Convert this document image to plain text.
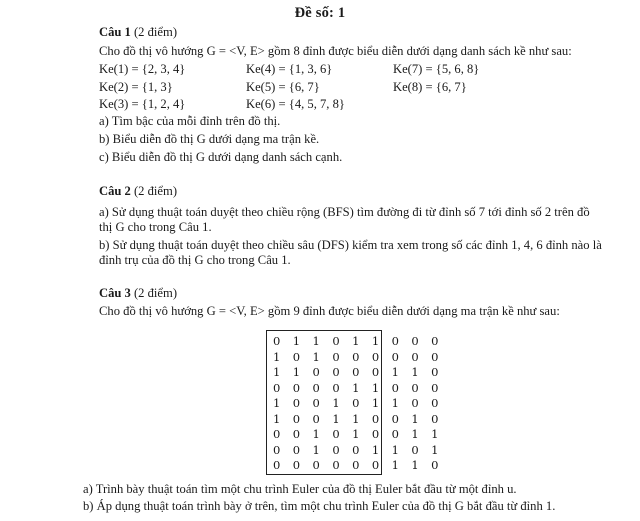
Đề số: 1
Câu 1 (2 điểm)
Cho đồ thị vô hướng G = <V, E> gồm 8 đỉnh được biểu diễn dưới dạng danh sách kề như sau:
Ke(1) = {2, 3, 4}
Ke(2) = {1, 3}
Ke(3) = {1, 2, 4}
Ke(4) = {1, 3, 6}
Ke(5) = {6, 7}
Ke(6) = {4, 5, 7, 8}
Ke(7) = {5, 6, 8}
Ke(8) = {6, 7}
a) Tìm bậc của mỗi đỉnh trên đồ thị.
b) Biểu diễn đồ thị G dưới dạng ma trận kề.
c) Biểu diễn đồ thị G dưới dạng danh sách cạnh.
Câu 2 (2 điểm)
a) Sử dụng thuật toán duyệt theo chiều rộng (BFS) tìm đường đi từ đỉnh số 7 tới đỉnh số 2 trên đồ
thị G cho trong Câu 1.
b) Sử dụng thuật toán duyệt theo chiều sâu (DFS) kiểm tra xem trong số các đỉnh 1, 4, 6 đỉnh nào là
đỉnh trụ của đồ thị G cho trong Câu 1.
Câu 3 (2 điểm)
Cho đồ thị vô hướng G = <V, E> gồm 9 đỉnh được biểu diễn dưới dạng ma trận kề như sau:
0 1 1 0 1 1 0 0 0
1 0 1 0 0 0 0 0 0
1 1 0 0 0 0 1 1 0
0 0 0 0 1 1 0 0 0
1 0 0 1 0 1 1 0 0
1 0 0 1 1 0 0 1 0
0 0 1 0 1 0 0 1 1
0 0 1 0 0 1 1 0 1
0 0 0 0 0 0 1 1 0
a) Trình bày thuật toán tìm một chu trình Euler của đồ thị Euler bắt đầu từ một đỉnh u.
b) Áp dụng thuật toán trình bày ở trên, tìm một chu trình Euler của đồ thị G bắt đầu từ đỉnh 1.
